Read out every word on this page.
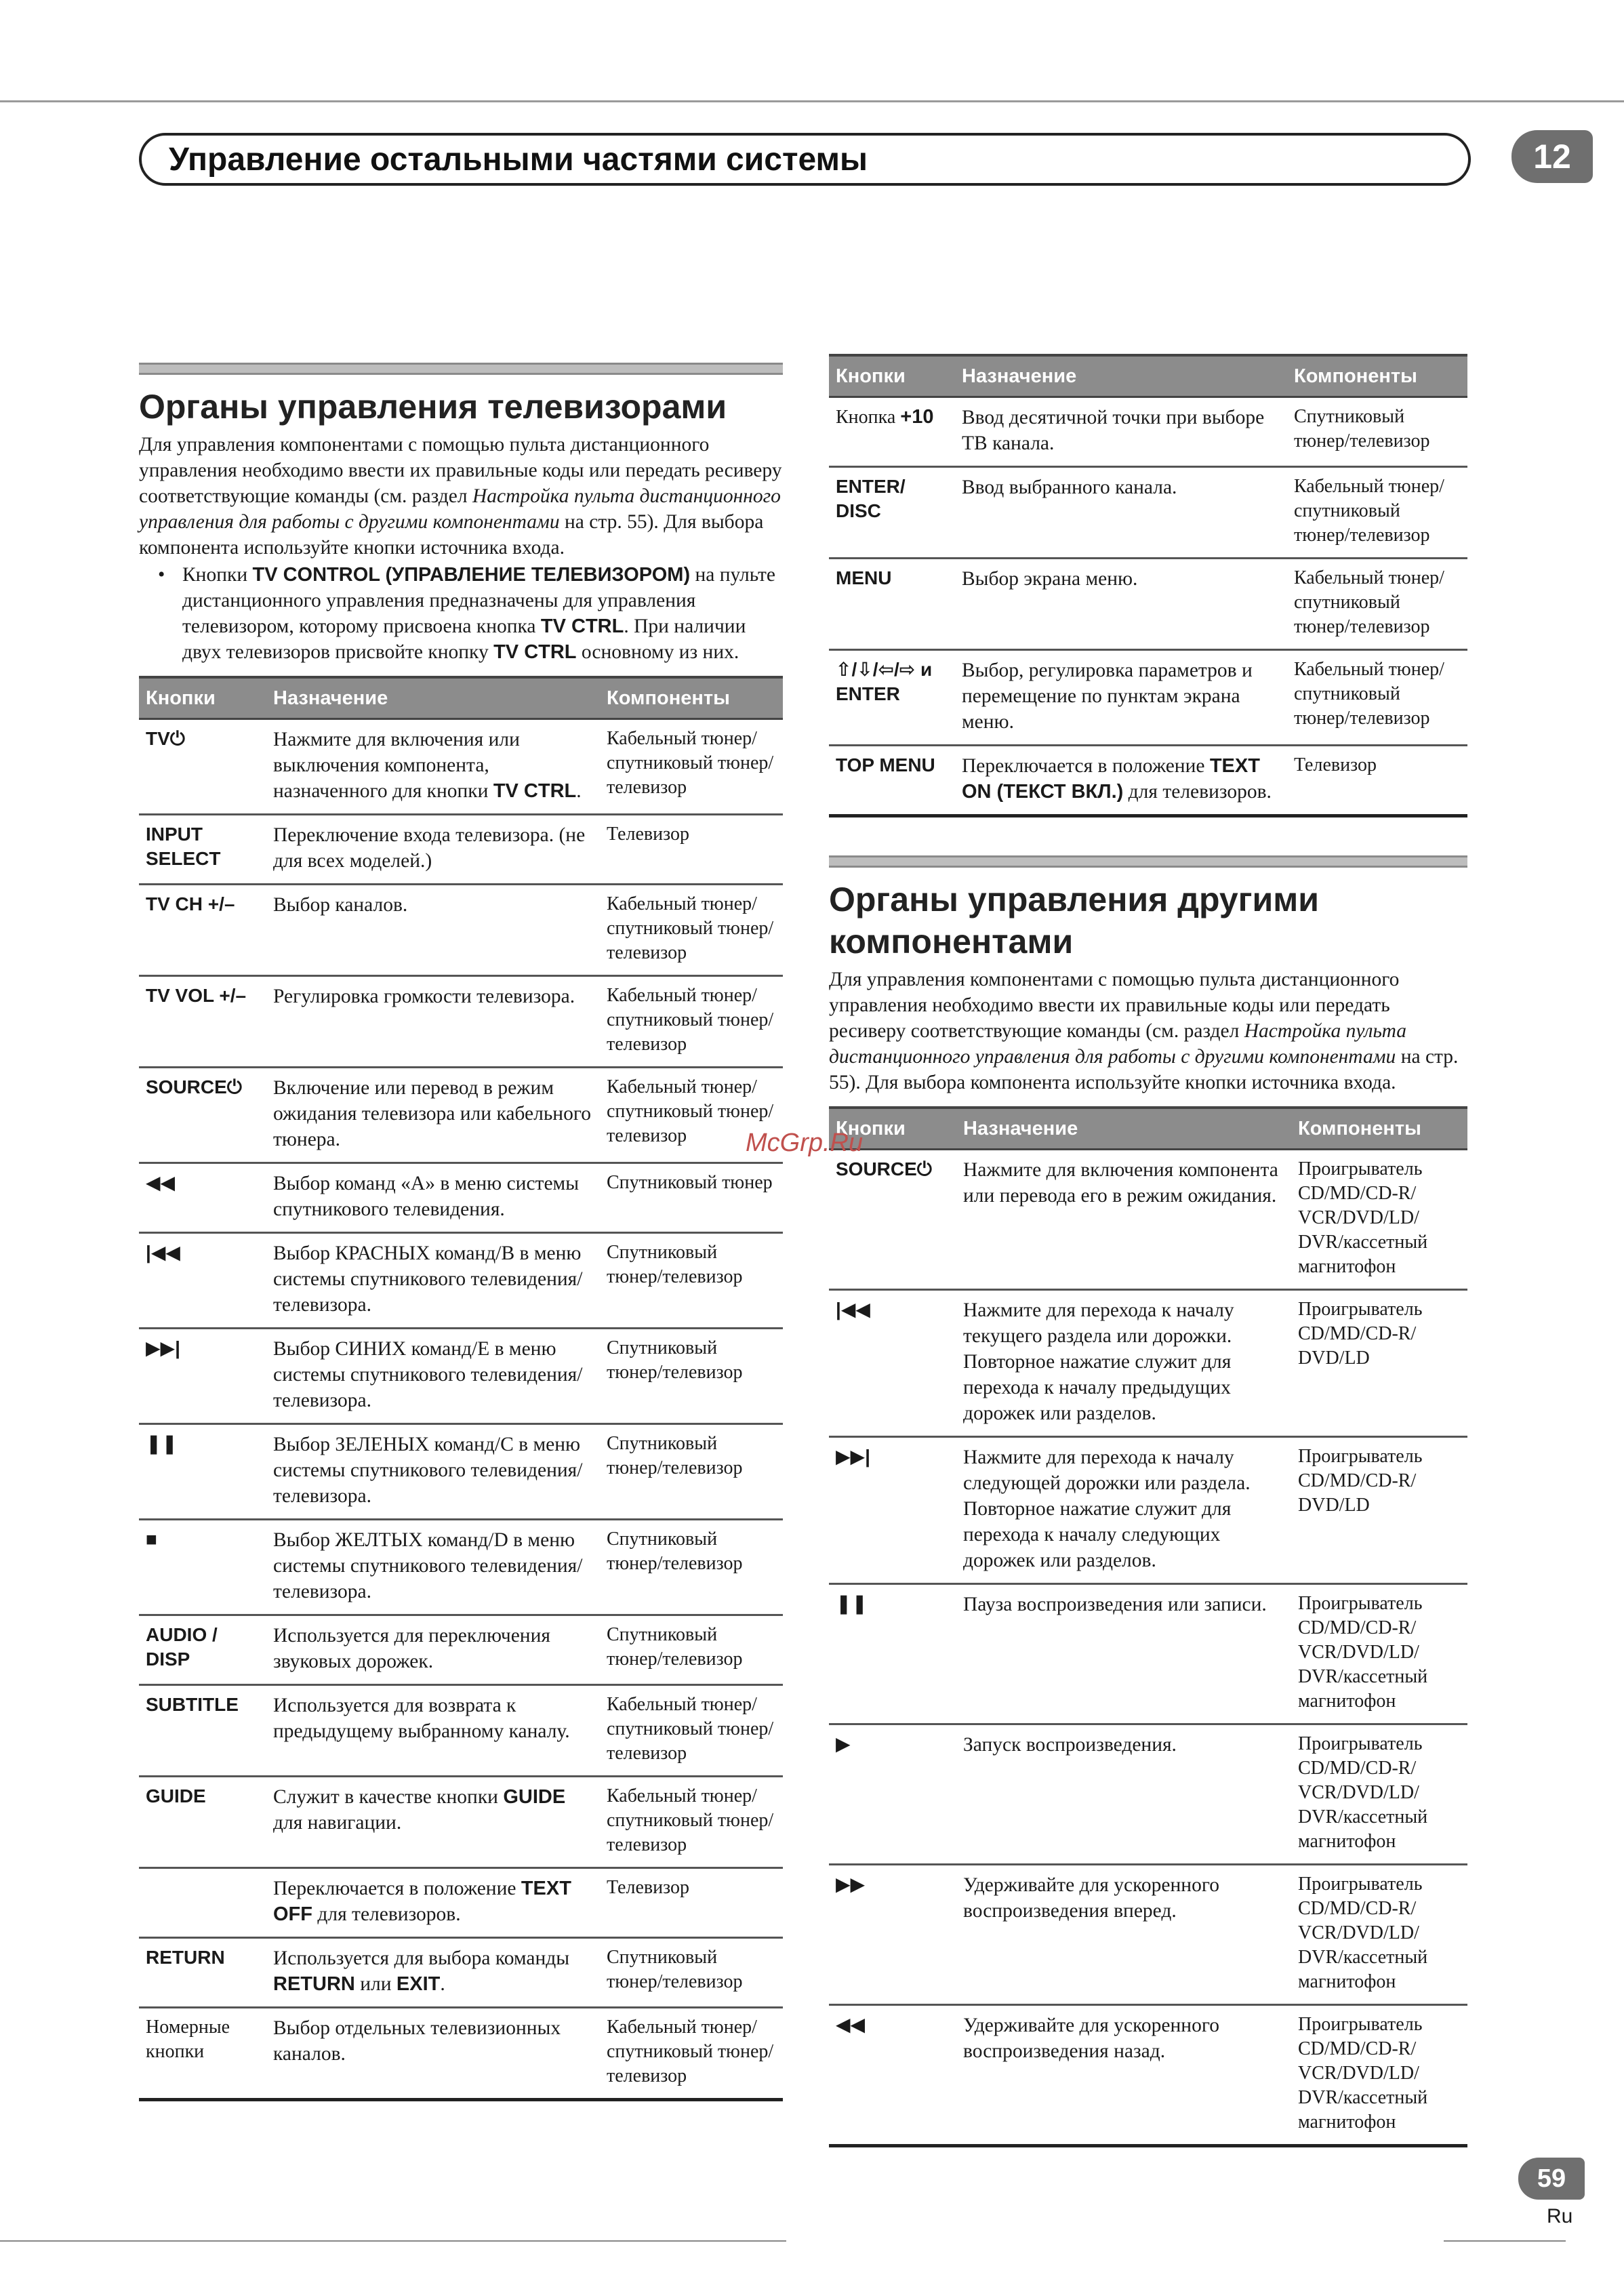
Управление остальными частями системы	12
Органы управления телевизорами
Для управления компонентами с помощью пульта дистанционного управления необходимо ввести их правильные коды или передать ресиверу соответствующие команды (см. раздел Настройка пульта дистанционного управления для работы с другими компонентами на стр. 55). Для выбора компонента используйте кнопки источника входа.
• Кнопки TV CONTROL (УПРАВЛЕНИЕ ТЕЛЕВИЗОРОМ) на пульте дистанционного управления предназначены для управления телевизором, которому присвоена кнопка TV CTRL. При наличии двух телевизоров присвойте кнопку TV CTRL основному из них.
Кнопки	Назначение	Компоненты
TV⏻	Нажмите для включения или выключения компонента, назначенного для кнопки TV CTRL.	Кабельный тюнер/ спутниковый тюнер/телевизор
INPUT SELECT	Переключение входа телевизора. (не для всех моделей.)	Телевизор
TV CH +/–	Выбор каналов.	Кабельный тюнер/ спутниковый тюнер/телевизор
TV VOL +/–	Регулировка громкости телевизора.	Кабельный тюнер/ спутниковый тюнер/телевизор
SOURCE⏻	Включение или перевод в режим ожидания телевизора или кабельного тюнера.	Кабельный тюнер/ спутниковый тюнер/телевизор
◀◀	Выбор команд «A» в меню системы спутникового телевидения.	Спутниковый тюнер
|◀◀	Выбор КРАСНЫХ команд/B в меню системы спутникового телевидения/телевизора.	Спутниковый тюнер/телевизор
▶▶|	Выбор СИНИХ команд/E в меню системы спутникового телевидения/телевизора.	Спутниковый тюнер/телевизор
❚❚	Выбор ЗЕЛЕНЫХ команд/C в меню системы спутникового телевидения/телевизора.	Спутниковый тюнер/телевизор
■	Выбор ЖЕЛТЫХ команд/D в меню системы спутникового телевидения/телевизора.	Спутниковый тюнер/телевизор
AUDIO / DISP	Используется для переключения звуковых дорожек.	Спутниковый тюнер/телевизор
SUBTITLE	Используется для возврата к предыдущему выбранному каналу.	Кабельный тюнер/ спутниковый тюнер/телевизор
GUIDE	Служит в качестве кнопки GUIDE для навигации.	Кабельный тюнер/ спутниковый тюнер/телевизор
	Переключается в положение TEXT OFF для телевизоров.	Телевизор
RETURN	Используется для выбора команды RETURN или EXIT.	Спутниковый тюнер/телевизор
Номерные кнопки	Выбор отдельных телевизионных каналов.	Кабельный тюнер/ спутниковый тюнер/телевизор
Кнопки	Назначение	Компоненты
Кнопка +10	Ввод десятичной точки при выборе ТВ канала.	Спутниковый тюнер/телевизор
ENTER/ DISC	Ввод выбранного канала.	Кабельный тюнер/ спутниковый тюнер/телевизор
MENU	Выбор экрана меню.	Кабельный тюнер/ спутниковый тюнер/телевизор
⇧/⇩/⇦/⇨ и ENTER	Выбор, регулировка параметров и перемещение по пунктам экрана меню.	Кабельный тюнер/ спутниковый тюнер/телевизор
TOP MENU	Переключается в положение TEXT ON (ТЕКСТ ВКЛ.) для телевизоров.	Телевизор
Органы управления другими компонентами
Для управления компонентами с помощью пульта дистанционного управления необходимо ввести их правильные коды или передать ресиверу соответствующие команды (см. раздел Настройка пульта дистанционного управления для работы с другими компонентами на стр. 55). Для выбора компонента используйте кнопки источника входа.
Кнопки	Назначение	Компоненты
SOURCE⏻	Нажмите для включения компонента или перевода его в режим ожидания.	Проигрыватель CD/MD/CD-R/ VCR/DVD/LD/ DVR/кассетный магнитофон
|◀◀	Нажмите для перехода к началу текущего раздела или дорожки. Повторное нажатие служит для перехода к началу предыдущих дорожек или разделов.	Проигрыватель CD/MD/CD-R/ DVD/LD
▶▶|	Нажмите для перехода к началу следующей дорожки или раздела. Повторное нажатие служит для перехода к началу следующих дорожек или разделов.	Проигрыватель CD/MD/CD-R/ DVD/LD
❚❚	Пауза воспроизведения или записи.	Проигрыватель CD/MD/CD-R/ VCR/DVD/LD/ DVR/кассетный магнитофон
▶	Запуск воспроизведения.	Проигрыватель CD/MD/CD-R/ VCR/DVD/LD/ DVR/кассетный магнитофон
▶▶	Удерживайте для ускоренного воспроизведения вперед.	Проигрыватель CD/MD/CD-R/ VCR/DVD/LD/ DVR/кассетный магнитофон
◀◀	Удерживайте для ускоренного воспроизведения назад.	Проигрыватель CD/MD/CD-R/ VCR/DVD/LD/ DVR/кассетный магнитофон
McGrp.Ru
59
Ru
